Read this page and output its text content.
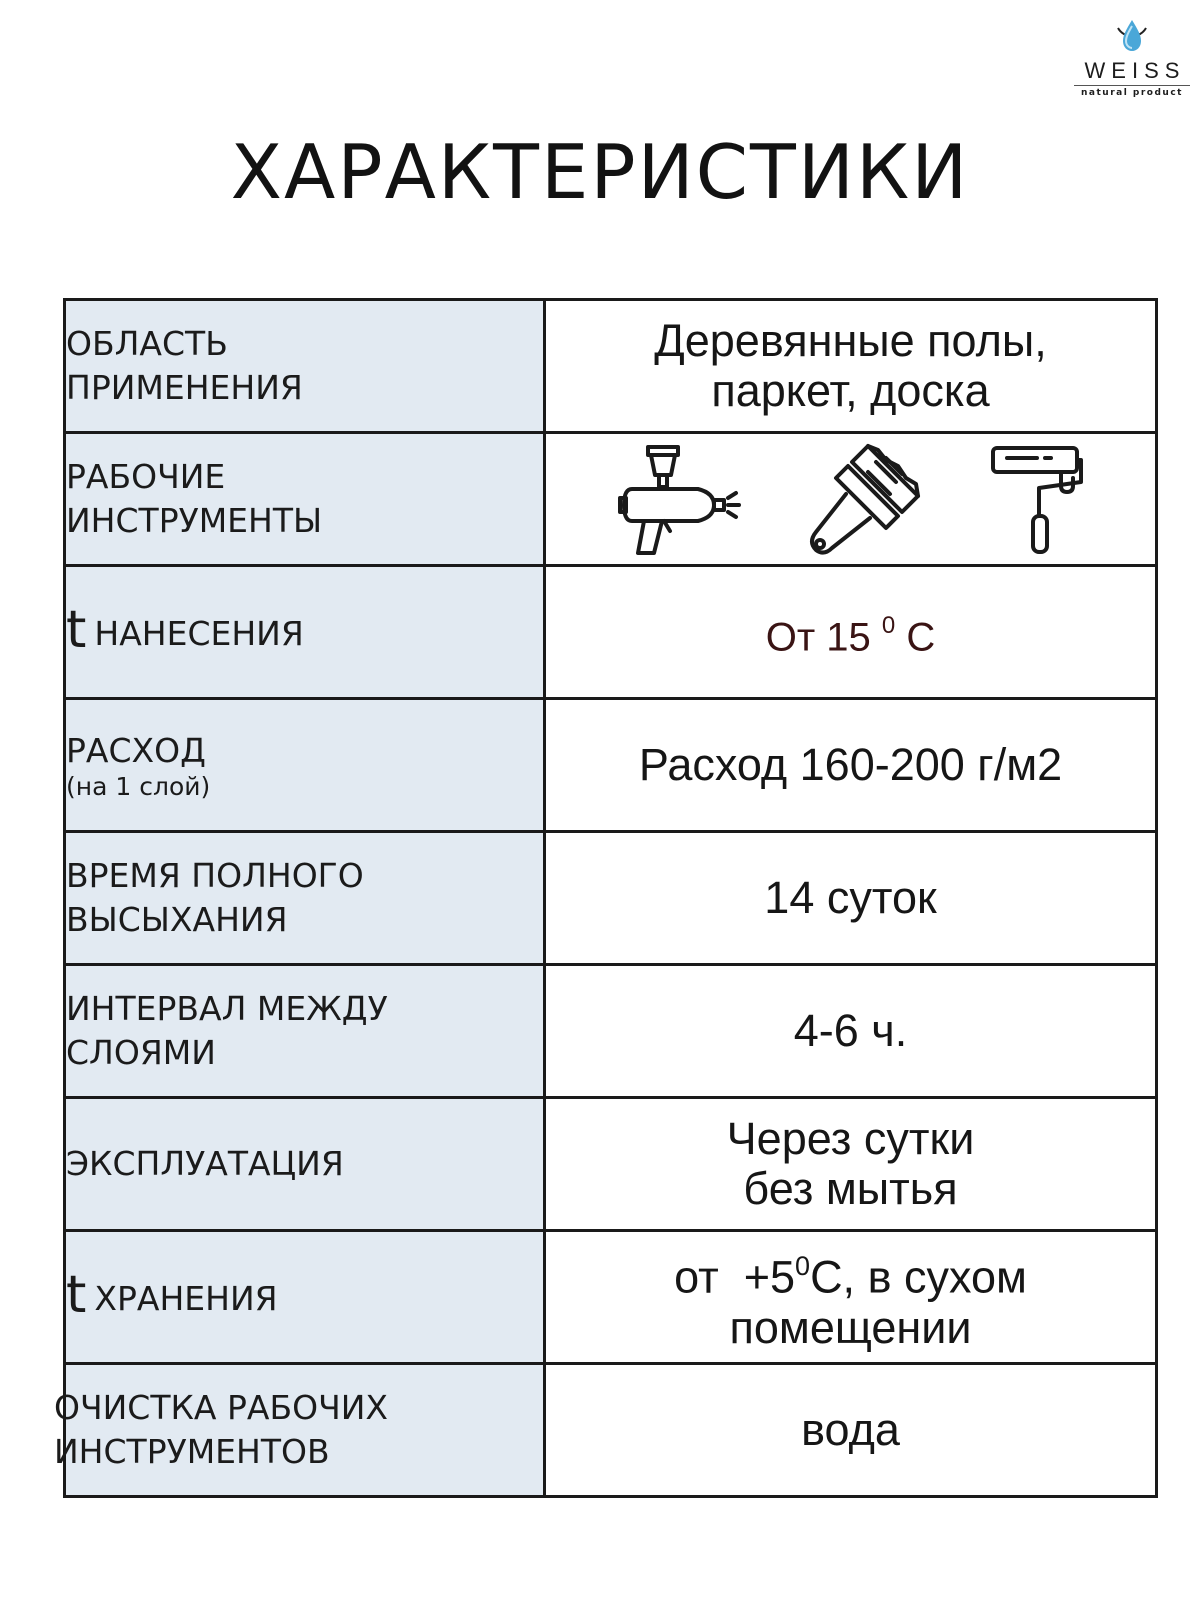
WEISS
natural product
ХАРАКТЕРИСТИКИ
ОБЛАСТЬ
ПРИМЕНЕНИЯ	Деревянные полы,
паркет, доска

РАБОЧИЕ
ИНСТРУМЕНТЫ

tНАНЕСЕНИЯ	От 15 $^0$ С

РАСХОД
(на 1 слой)	Расход 160-200 г/м2

ВРЕМЯ ПОЛНОГО
ВЫСЫХАНИЯ	14 суток

ИНТЕРВАЛ МЕЖДУ
СЛОЯМИ	4-6 ч.

ЭКСПЛУАТАЦИЯ	Через сутки
без мытья

tХРАНЕНИЯ	от  $+5^0С$, в сухом
помещении

ОЧИСТКА РАБОЧИХ
ИНСТРУМЕНТОВ	вода
